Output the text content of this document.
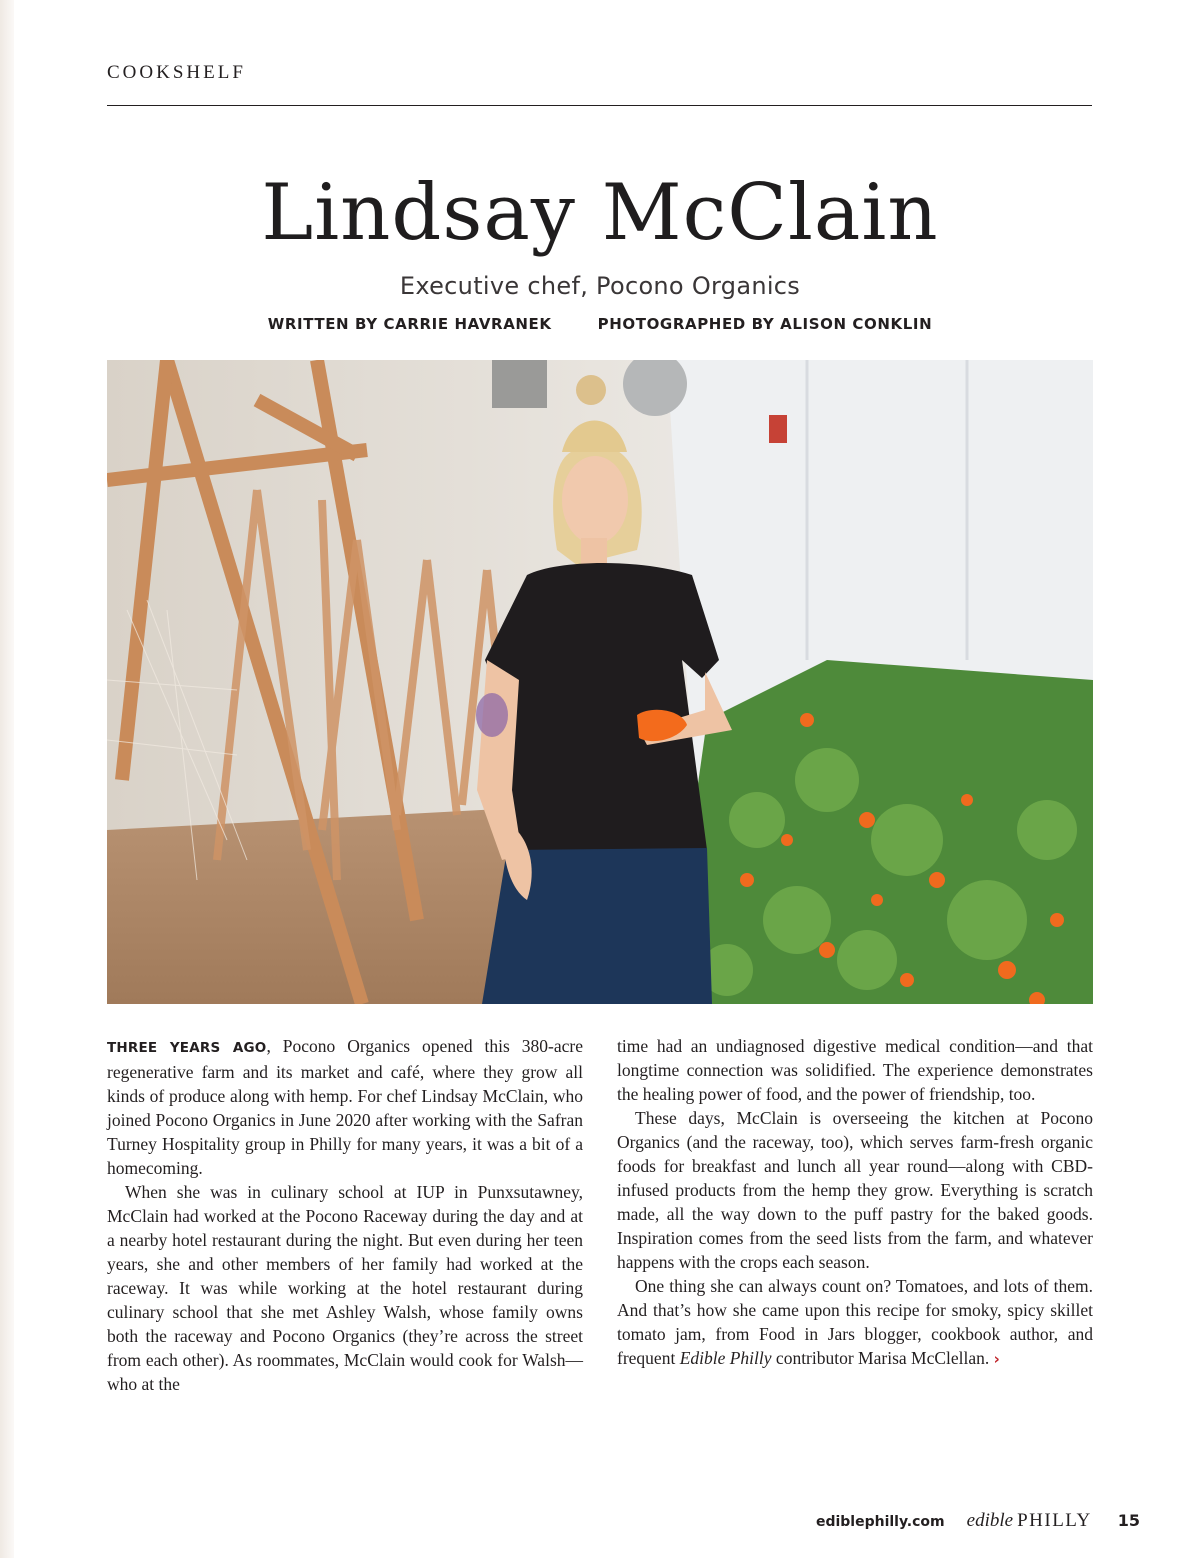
COOKSHELF
Lindsay McClain
Executive chef, Pocono Organics
WRITTEN BY CARRIE HAVRANEK	PHOTOGRAPHED BY ALISON CONKLIN

THREE YEARS AGO, Pocono Organics opened this 380-acre regenerative farm and its market and café, where they grow all kinds of produce along with hemp. For chef Lindsay McClain, who joined Pocono Organics in June 2020 after working with the Safran Turney Hospitality group in Philly for many years, it was a bit of a homecoming.

When she was in culinary school at IUP in Punxsutawney, McClain had worked at the Pocono Raceway during the day and at a nearby hotel restaurant during the night. But even during her teen years, she and other members of her family had worked at the raceway. It was while working at the hotel restaurant during culinary school that she met Ashley Walsh, whose family owns both the raceway and Pocono Organics (they’re across the street from each other). As roommates, McClain would cook for Walsh—who at the

time had an undiagnosed digestive medical condition—and that longtime connection was solidified. The experience demonstrates the healing power of food, and the power of friendship, too.

These days, McClain is overseeing the kitchen at Pocono Organics (and the raceway, too), which serves farm-fresh organic foods for breakfast and lunch all year round—along with CBD-infused products from the hemp they grow. Everything is scratch made, all the way down to the puff pastry for the baked goods. Inspiration comes from the seed lists from the farm, and whatever happens with the crops each season.

One thing she can always count on? Tomatoes, and lots of them. And that’s how she came upon this recipe for smoky, spicy skillet tomato jam, from Food in Jars blogger, cookbook author, and frequent Edible Philly contributor Marisa McClellan. ›

ediblephilly.com edible PHILLY 15
